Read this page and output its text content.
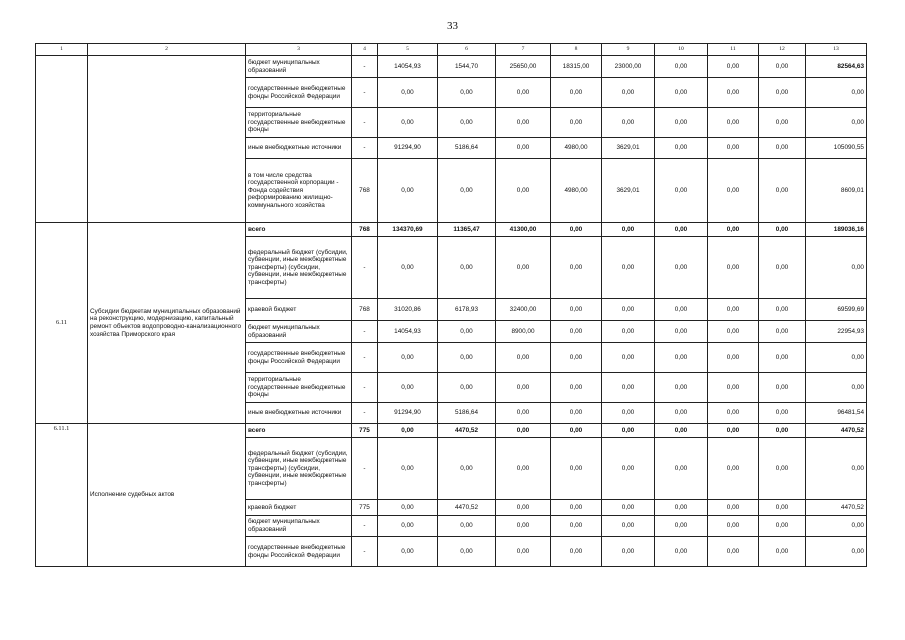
33
1	2	3	4	5	6	7	8	9	10	11	12	13
		бюджет муниципальных образований	-	14054,93	1544,70	25650,00	18315,00	23000,00	0,00	0,00	0,00	82564,63
		государственные внебюджетные фонды Российской Федерации	-	0,00	0,00	0,00	0,00	0,00	0,00	0,00	0,00	0,00
		территориальные государственные внебюджетные фонды	-	0,00	0,00	0,00	0,00	0,00	0,00	0,00	0,00	0,00
		иные внебюджетные источники	-	91294,90	5186,64	0,00	4980,00	3629,01	0,00	0,00	0,00	105090,55
		в том числе средства государственной корпорации - Фонда содействия реформированию жилищно-коммунального хозяйства	768	0,00	0,00	0,00	4980,00	3629,01	0,00	0,00	0,00	8609,01
6.11	Субсидии бюджетам муниципальных образований на реконструкцию, модернизацию, капитальный ремонт объектов водопроводно-канализационного хозяйства Приморского края	всего	768	134370,69	11365,47	41300,00	0,00	0,00	0,00	0,00	0,00	189036,16
		федеральный бюджет (субсидии, субвенции, иные межбюджетные трансферты) (субсидии, субвенции, иные межбюджетные трансферты)	-	0,00	0,00	0,00	0,00	0,00	0,00	0,00	0,00	0,00
		краевой бюджет	768	31020,86	6178,93	32400,00	0,00	0,00	0,00	0,00	0,00	69599,69
		бюджет муниципальных образований	-	14054,93	0,00	8900,00	0,00	0,00	0,00	0,00	0,00	22954,93
		государственные внебюджетные фонды Российской Федерации	-	0,00	0,00	0,00	0,00	0,00	0,00	0,00	0,00	0,00
		территориальные государственные внебюджетные фонды	-	0,00	0,00	0,00	0,00	0,00	0,00	0,00	0,00	0,00
		иные внебюджетные источники	-	91294,90	5186,64	0,00	0,00	0,00	0,00	0,00	0,00	96481,54
6.11.1	Исполнение судебных актов	всего	775	0,00	4470,52	0,00	0,00	0,00	0,00	0,00	0,00	4470,52
		федеральный бюджет (субсидии, субвенции, иные межбюджетные трансферты) (субсидии, субвенции, иные межбюджетные трансферты)	-	0,00	0,00	0,00	0,00	0,00	0,00	0,00	0,00	0,00
		краевой бюджет	775	0,00	4470,52	0,00	0,00	0,00	0,00	0,00	0,00	4470,52
		бюджет муниципальных образований	-	0,00	0,00	0,00	0,00	0,00	0,00	0,00	0,00	0,00
		государственные внебюджетные фонды Российской Федерации	-	0,00	0,00	0,00	0,00	0,00	0,00	0,00	0,00	0,00
